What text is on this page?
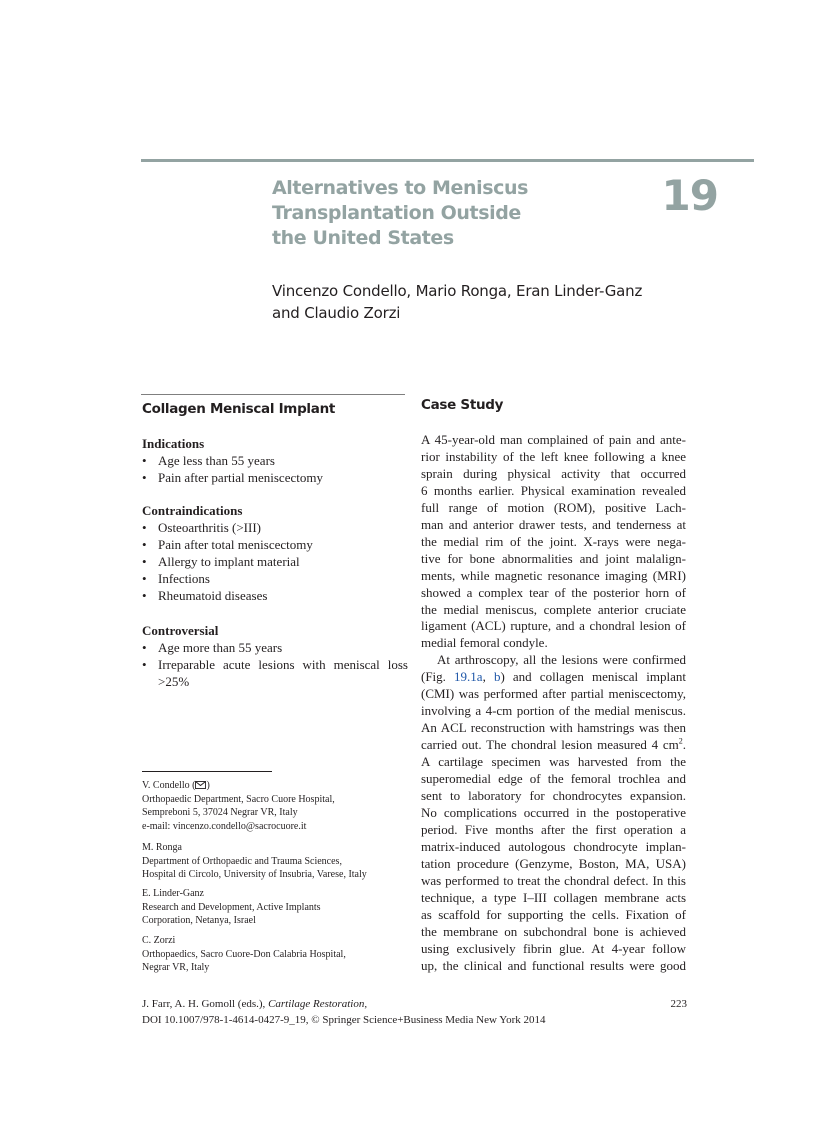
Alternatives to Meniscus
Transplantation Outside
the United States
19
Vincenzo Condello, Mario Ronga, Eran Linder-Ganz
and Claudio Zorzi
Collagen Meniscal Implant
Indications
• Age less than 55 years
• Pain after partial meniscectomy
Contraindications
• Osteoarthritis (>III)
• Pain after total meniscectomy
• Allergy to implant material
• Infections
• Rheumatoid diseases
Controversial
• Age more than 55 years
• Irreparable acute lesions with meniscal loss >25%
V. Condello ( )
Orthopaedic Department, Sacro Cuore Hospital,
Sempreboni 5, 37024 Negrar VR, Italy
e-mail: vincenzo.condello@sacrocuore.it
M. Ronga
Department of Orthopaedic and Trauma Sciences,
Hospital di Circolo, University of Insubria, Varese, Italy
E. Linder-Ganz
Research and Development, Active Implants
Corporation, Netanya, Israel
C. Zorzi
Orthopaedics, Sacro Cuore-Don Calabria Hospital,
Negrar VR, Italy
Case Study
A 45-year-old man complained of pain and ante-
rior instability of the left knee following a knee
sprain during physical activity that occurred
6 months earlier. Physical examination revealed
full range of motion (ROM), positive Lach-
man and anterior drawer tests, and tenderness at
the medial rim of the joint. X-rays were nega-
tive for bone abnormalities and joint malalign-
ments, while magnetic resonance imaging (MRI)
showed a complex tear of the posterior horn of
the medial meniscus, complete anterior cruciate
ligament (ACL) rupture, and a chondral lesion of
medial femoral condyle.
At arthroscopy, all the lesions were confirmed
(Fig. 19.1a, b) and collagen meniscal implant
(CMI) was performed after partial meniscectomy,
involving a 4-cm portion of the medial meniscus.
An ACL reconstruction with hamstrings was then
carried out. The chondral lesion measured 4 $cm^2$.
A cartilage specimen was harvested from the
superomedial edge of the femoral trochlea and
sent to laboratory for chondrocytes expansion.
No complications occurred in the postoperative
period. Five months after the first operation a
matrix-induced autologous chondrocyte implan-
tation procedure (Genzyme, Boston, MA, USA)
was performed to treat the chondral defect. In this
technique, a type I–III collagen membrane acts
as scaffold for supporting the cells. Fixation of
the membrane on subchondral bone is achieved
using exclusively fibrin glue. At 4-year follow
up, the clinical and functional results were good
J. Farr, A. H. Gomoll (eds.), Cartilage Restoration,
DOI 10.1007/978-1-4614-0427-9_19, © Springer Science+Business Media New York 2014
223
